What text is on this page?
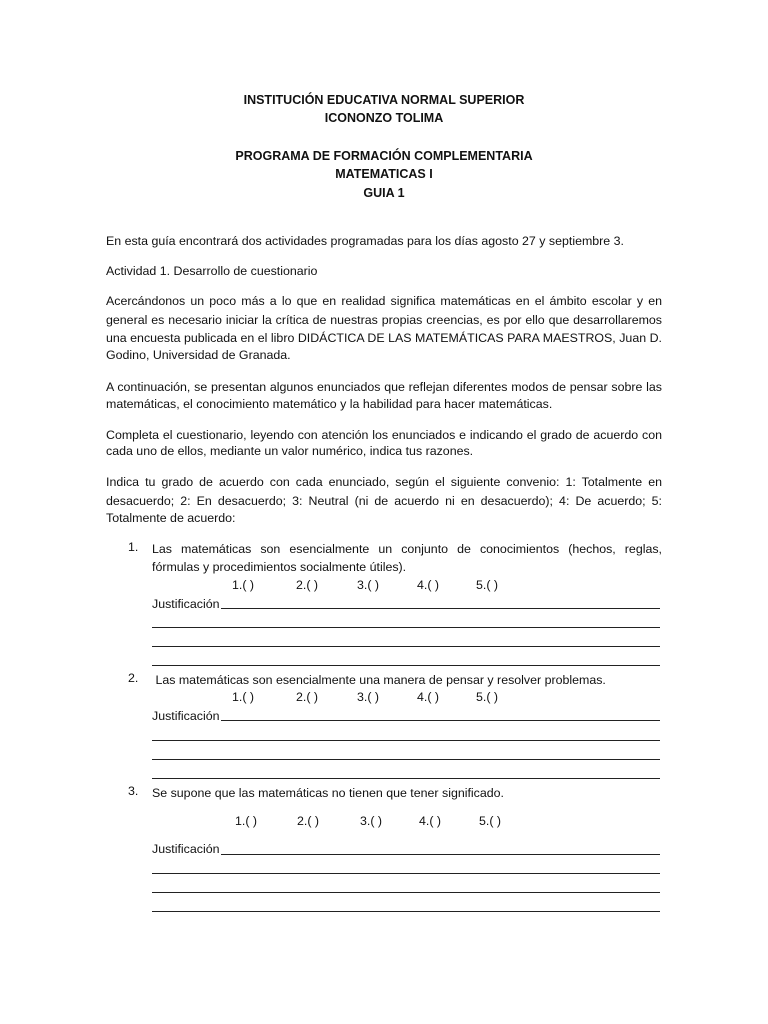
INSTITUCIÓN EDUCATIVA NORMAL SUPERIOR
ICONONZO TOLIMA
PROGRAMA DE FORMACIÓN COMPLEMENTARIA
MATEMATICAS I
GUIA 1
En esta guía encontrará dos actividades programadas para los días agosto 27 y septiembre 3.
Actividad 1. Desarrollo de cuestionario
Acercándonos un poco más a lo que en realidad significa matemáticas en el ámbito escolar y en
general es necesario iniciar la crítica de nuestras propias creencias, es por ello que desarrollaremos
una encuesta publicada en el libro DIDÁCTICA DE LAS MATEMÁTICAS PARA MAESTROS, Juan D.
Godino, Universidad de Granada.
A continuación, se presentan algunos enunciados que reflejan diferentes modos de pensar sobre las
matemáticas, el conocimiento matemático y la habilidad para hacer matemáticas.
Completa el cuestionario, leyendo con atención los enunciados e indicando el grado de acuerdo con
cada uno de ellos, mediante un valor numérico, indica tus razones.
Indica tu grado de acuerdo con cada enunciado, según el siguiente convenio: 1: Totalmente en
desacuerdo; 2: En desacuerdo; 3: Neutral (ni de acuerdo ni en desacuerdo); 4: De acuerdo; 5:
Totalmente de acuerdo:
1. Las matemáticas son esencialmente un conjunto de conocimientos (hechos, reglas,
fórmulas y procedimientos socialmente útiles).
1.( )	2.( )	3.( )	4.( )	5.( )
Justificación
2. Las matemáticas son esencialmente una manera de pensar y resolver problemas.
1.( )	2.( )	3.( )	4.( )	5.( )
Justificación
3. Se supone que las matemáticas no tienen que tener significado.
1.( )	2.( )	3.( )	4.( )	5.( )
Justificación
